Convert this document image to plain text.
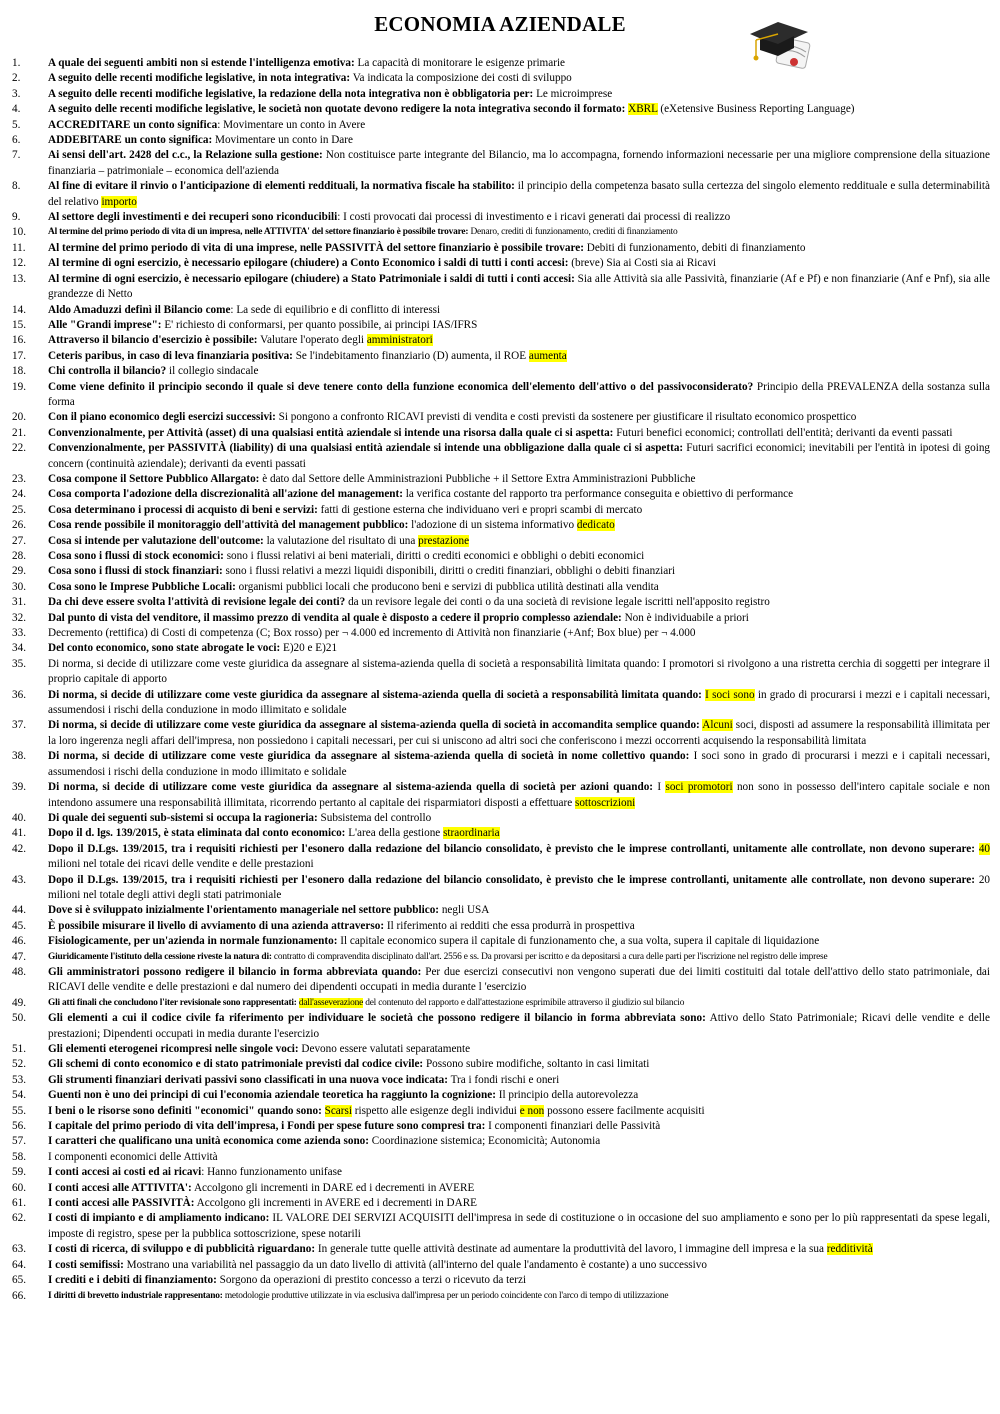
ECONOMIA AZIENDALE
1.	A quale dei seguenti ambiti non si estende l'intelligenza emotiva: La capacità di monitorare le esigenze primarie
2.	A seguito delle recenti modifiche legislative, in nota integrativa: Va indicata la composizione dei costi di sviluppo
3.	A seguito delle recenti modifiche legislative, la redazione della nota integrativa non è obbligatoria per: Le microimprese
4.	A seguito delle recenti modifiche legislative, le società non quotate devono redigere la nota integrativa secondo il formato: XBRL (eXetensive Business Reporting Language)
5.	ACCREDITARE un conto significa: Movimentare un conto in Avere
6.	ADDEBITARE un conto significa: Movimentare un conto in Dare
7.	Ai sensi dell'art. 2428 del c.c., la Relazione sulla gestione: Non costituisce parte integrante del Bilancio, ma lo accompagna, fornendo informazioni necessarie per una migliore comprensione della situazione finanziaria – patrimoniale – economica dell'azienda
8.	Al fine di evitare il rinvio o l'anticipazione di elementi reddituali, la normativa fiscale ha stabilito: il principio della competenza basato sulla certezza del singolo elemento reddituale e sulla determinabilità del relativo importo
9.	Al settore degli investimenti e dei recuperi sono riconducibili: I costi provocati dai processi di investimento e i ricavi generati dai processi di realizzo
10.	Al termine del primo periodo di vita di un impresa, nelle ATTIVITA' del settore finanziario è possibile trovare: Denaro, crediti di funzionamento, crediti di finanziamento
11.	Al termine del primo periodo di vita di una imprese, nelle PASSIVITÀ del settore finanziario è possibile trovare: Debiti di funzionamento, debiti di finanziamento
12.	Al termine di ogni esercizio, è necessario epilogare (chiudere) a Conto Economico i saldi di tutti i conti accesi: (breve) Sia ai Costi sia ai Ricavi
13.	Al termine di ogni esercizio, è necessario epilogare (chiudere) a Stato Patrimoniale i saldi di tutti i conti accesi: Sia alle Attività sia alle Passività, finanziarie (Af e Pf) e non finanziarie (Anf e Pnf), sia alle grandezze di Netto
14.	Aldo Amaduzzi definì il Bilancio come: La sede di equilibrio e di conflitto di interessi
15.	Alle "Grandi imprese": E' richiesto di conformarsi, per quanto possibile, ai principi IAS/IFRS
16.	Attraverso il bilancio d'esercizio è possibile: Valutare l'operato degli amministratori
17.	Ceteris paribus, in caso di leva finanziaria positiva: Se l'indebitamento finanziario (D) aumenta, il ROE aumenta
18.	Chi controlla il bilancio? il collegio sindacale
19.	Come viene definito il principio secondo il quale si deve tenere conto della funzione economica dell'elemento dell'attivo o del passivoconsiderato? Principio della PREVALENZA della sostanza sulla forma
20.	Con il piano economico degli esercizi successivi: Si pongono a confronto RICAVI previsti di vendita e costi previsti da sostenere per giustificare il risultato economico prospettico
21.	Convenzionalmente, per Attività (asset) di una qualsiasi entità aziendale si intende una risorsa dalla quale ci si aspetta: Futuri benefici economici; controllati dell'entità; derivanti da eventi passati
22.	Convenzionalmente, per PASSIVITÀ (liability) di una qualsiasi entità aziendale si intende una obbligazione dalla quale ci si aspetta: Futuri sacrifici economici; inevitabili per l'entità in ipotesi di going concern (continuità aziendale); derivanti da eventi passati
23.	Cosa compone il Settore Pubblico Allargato: è dato dal Settore delle Amministrazioni Pubbliche + il Settore Extra Amministrazioni Pubbliche
24.	Cosa comporta l'adozione della discrezionalità all'azione del management: la verifica costante del rapporto tra performance conseguita e obiettivo di performance
25.	Cosa determinano i processi di acquisto di beni e servizi: fatti di gestione esterna che individuano veri e propri scambi di mercato
26.	Cosa rende possibile il monitoraggio dell'attività del management pubblico: l'adozione di un sistema informativo dedicato
27.	Cosa si intende per valutazione dell'outcome: la valutazione del risultato di una prestazione
28.	Cosa sono i flussi di stock economici: sono i flussi relativi ai beni materiali, diritti o crediti economici e obblighi o debiti economici
29.	Cosa sono i flussi di stock finanziari: sono i flussi relativi a mezzi liquidi disponibili, diritti o crediti finanziari, obblighi o debiti finanziari
30.	Cosa sono le Imprese Pubbliche Locali: organismi pubblici locali che producono beni e servizi di pubblica utilità destinati alla vendita
31.	Da chi deve essere svolta l'attività di revisione legale dei conti? da un revisore legale dei conti o da una società di revisione legale iscritti nell'apposito registro
32.	Dal punto di vista del venditore, il massimo prezzo di vendita al quale è disposto a cedere il proprio complesso aziendale: Non è individuabile a priori
33.	Decremento (rettifica) di Costi di competenza (C; Box rosso) per ¬ 4.000 ed incremento di Attività non finanziarie (+Anf; Box blue) per ¬ 4.000
34.	Del conto economico, sono state abrogate le voci: E)20 e E)21
35.	Di norma, si decide di utilizzare come veste giuridica da assegnare al sistema-azienda quella di società a responsabilità limitata quando: I promotori si rivolgono a una ristretta cerchia di soggetti per integrare il proprio capitale di apporto
36.	Di norma, si decide di utilizzare come veste giuridica da assegnare al sistema-azienda quella di società a responsabilità limitata quando: I soci sono in grado di procurarsi i mezzi e i capitali necessari, assumendosi i rischi della conduzione in modo illimitato e solidale
37.	Di norma, si decide di utilizzare come veste giuridica da assegnare al sistema-azienda quella di società in accomandita semplice quando: Alcuni soci, disposti ad assumere la responsabilità illimitata per la loro ingerenza negli affari dell'impresa, non possiedono i capitali necessari, per cui si uniscono ad altri soci che conferiscono i mezzi occorrenti acquisendo la responsabilità limitata
38.	Di norma, si decide di utilizzare come veste giuridica da assegnare al sistema-azienda quella di società in nome collettivo quando: I soci sono in grado di procurarsi i mezzi e i capitali necessari, assumendosi i rischi della conduzione in modo illimitato e solidale
39.	Di norma, si decide di utilizzare come veste giuridica da assegnare al sistema-azienda quella di società per azioni quando: I soci promotori non sono in possesso dell'intero capitale sociale e non intendono assumere una responsabilità illimitata, ricorrendo pertanto al capitale dei risparmiatori disposti a effettuare sottoscrizioni
40.	Di quale dei seguenti sub-sistemi si occupa la ragioneria: Subsistema del controllo
41.	Dopo il d. lgs. 139/2015, è stata eliminata dal conto economico: L'area della gestione straordinaria
42.	Dopo il D.Lgs. 139/2015, tra i requisiti richiesti per l'esonero dalla redazione del bilancio consolidato, è previsto che le imprese controllanti, unitamente alle controllate, non devono superare: 40 milioni nel totale dei ricavi delle vendite e delle prestazioni
43.	Dopo il D.Lgs. 139/2015, tra i requisiti richiesti per l'esonero dalla redazione del bilancio consolidato, è previsto che le imprese controllanti, unitamente alle controllate, non devono superare: 20 milioni nel totale degli attivi degli stati patrimoniale
44.	Dove si è sviluppato inizialmente l'orientamento manageriale nel settore pubblico: negli USA
45.	È possibile misurare il livello di avviamento di una azienda attraverso: Il riferimento ai redditi che essa produrrà in prospettiva
46.	Fisiologicamente, per un'azienda in normale funzionamento: Il capitale economico supera il capitale di funzionamento che, a sua volta, supera il capitale di liquidazione
47.	Giuridicamente l'istituto della cessione riveste la natura di: contratto di compravendita disciplinato dall'art. 2556 e ss. Da provarsi per iscritto e da depositarsi a cura delle parti per l'iscrizione nel registro delle imprese
48.	Gli amministratori possono redigere il bilancio in forma abbreviata quando: Per due esercizi consecutivi non vengono superati due dei limiti costituiti dal totale dell'attivo dello stato patrimoniale, dai RICAVI delle vendite e delle prestazioni e dal numero dei dipendenti occupati in media durante l 'esercizio
49.	Gli atti finali che concludono l'iter revisionale sono rappresentati: dall'asseverazione del contenuto del rapporto e dall'attestazione esprimibile attraverso il giudizio sul bilancio
50.	Gli elementi a cui il codice civile fa riferimento per individuare le società che possono redigere il bilancio in forma abbreviata sono: Attivo dello Stato Patrimoniale; Ricavi delle vendite e delle prestazioni; Dipendenti occupati in media durante l'esercizio
51.	Gli elementi eterogenei ricompresi nelle singole voci: Devono essere valutati separatamente
52.	Gli schemi di conto economico e di stato patrimoniale previsti dal codice civile: Possono subire modifiche, soltanto in casi limitati
53.	Gli strumenti finanziari derivati passivi sono classificati in una nuova voce indicata: Tra i fondi rischi e oneri
54.	Guenti non è uno dei principi di cui l'economia aziendale teoretica ha raggiunto la cognizione: Il principio della autorevolezza
55.	I beni o le risorse sono definiti "economici" quando sono: Scarsi rispetto alle esigenze degli individui e non possono essere facilmente acquisiti
56.	I capitale del primo periodo di vita dell'impresa, i Fondi per spese future sono compresi tra: I componenti finanziari delle Passività
57.	I caratteri che qualificano una unità economica come azienda sono: Coordinazione sistemica; Economicità; Autonomia
58.	I componenti economici delle Attività
59.	I conti accesi ai costi ed ai ricavi: Hanno funzionamento unifase
60.	I conti accesi alle ATTIVITA': Accolgono gli incrementi in DARE ed i decrementi in AVERE
61.	I conti accesi alle PASSIVITÀ: Accolgono gli incrementi in AVERE ed i decrementi in DARE
62.	I costi di impianto e di ampliamento indicano: IL VALORE DEI SERVIZI ACQUISITI dell'impresa in sede di costituzione o in occasione del suo ampliamento e sono per lo più rappresentati da spese legali, imposte di registro, spese per la pubblica sottoscrizione, spese notarili
63.	I costi di ricerca, di sviluppo e di pubblicità riguardano: In generale tutte quelle attività destinate ad aumentare la produttività del lavoro, l immagine dell impresa e la sua redditività
64.	I costi semifissi: Mostrano una variabilità nel passaggio da un dato livello di attività (all'interno del quale l'andamento è costante) a uno successivo
65.	I crediti e i debiti di finanziamento: Sorgono da operazioni di prestito concesso a terzi o ricevuto da terzi
66.	I diritti di brevetto industriale rappresentano: metodologie produttive utilizzate in via esclusiva dall'impresa per un periodo coincidente con l'arco di tempo di utilizzazione
